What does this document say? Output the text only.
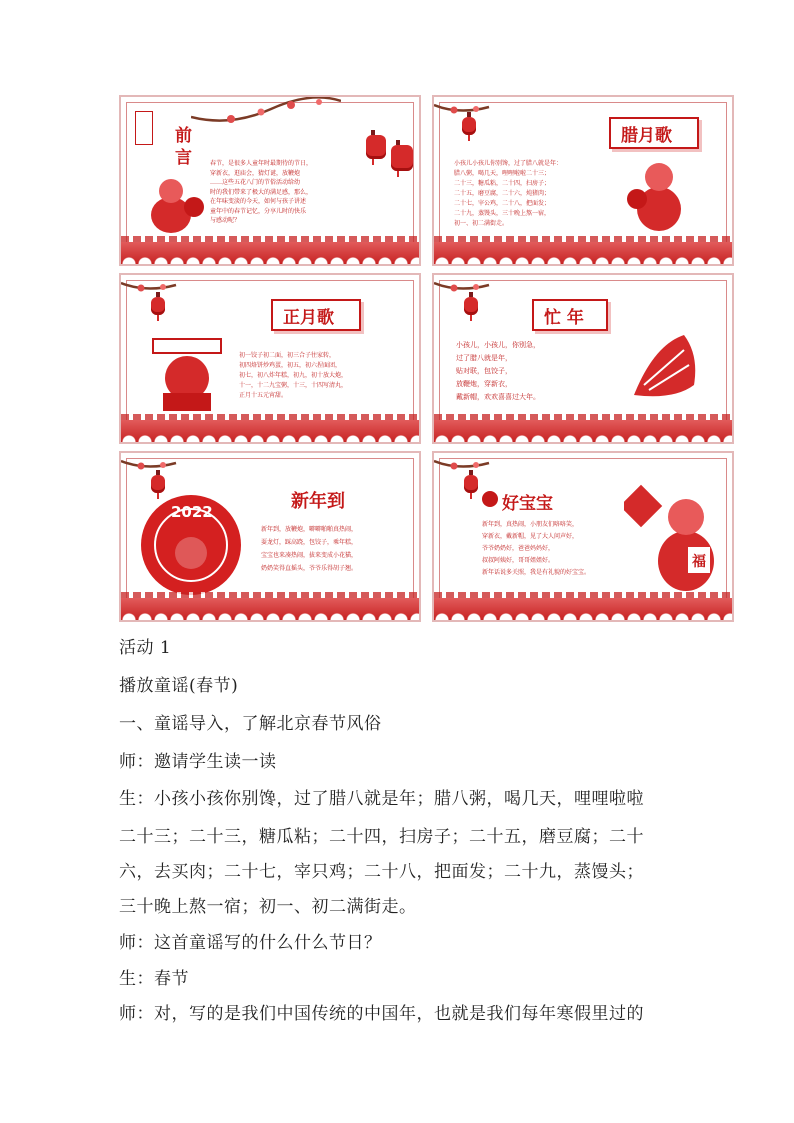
前言	春节，是很多人童年时最期待的节日，
穿新衣，逛庙会，猜灯谜，放鞭炮
……这些五花八门的节俗活动给幼
时的我们带来了极大的满足感，那么，
在年味变淡的今天，如何与孩子讲述
童年中的春节记忆，分享儿时的快乐
与感动呢？
腊月歌
小孩儿小孩儿你别馋，过了腊八就是年：
腊八粥，喝几天，哩哩啦啦二十三；
二十三，糖瓜粘，二十四，扫房子；
二十五，磨豆腐，二十六，炖猪肉；
二十七，宰公鸡，二十八，把面发；
二十九，蒸馒头，三十晚上熬一宿，
初一、初二满街走。
正月歌
初一饺子初二面，初三合子往家转，
初四烙饼炒鸡蛋，初五，初六捏面团，
初七，初八炸年糕，初九，初十放大炮，
十一，十二九宝粥，十三，十四写清丸，
正月十五元宵甜。
忙 年
小孩儿，小孩儿，你别急，
过了腊八就是年，
贴对联，包饺子，
放鞭炮，穿新衣，
戴新帽，欢欢喜喜过大年。
2022	新年到
新年到，放鞭炮，噼噼啪啪真热闹，
耍龙灯，踩高跷，包饺子，乘年糕，
宝宝也来凑热闹，拔来变成小花猫，
奶奶笑得直摇头，爷爷乐得胡子翘。
好宝宝
新年到，真热闹，小朋友们咯咯笑，
穿新衣，戴新帽，见了大人问声好，
爷爷奶奶好，爸爸妈妈好，
叔叔阿姨好，哥哥姐姐好。
新年话说多关照，我是有礼貌的好宝宝。
福

活动 1

播放童谣(春节)

一、童谣导入，了解北京春节风俗

师：邀请学生读一读

生：小孩小孩你别馋，过了腊八就是年；腊八粥，喝几天，哩哩啦啦

二十三；二十三，糖瓜粘；二十四，扫房子；二十五，磨豆腐；二十

六，去买肉；二十七，宰只鸡；二十八，把面发；二十九，蒸馒头；

三十晚上熬一宿；初一、初二满街走。

师：这首童谣写的什么什么节日？

生：春节

师：对，写的是我们中国传统的中国年，也就是我们每年寒假里过的
